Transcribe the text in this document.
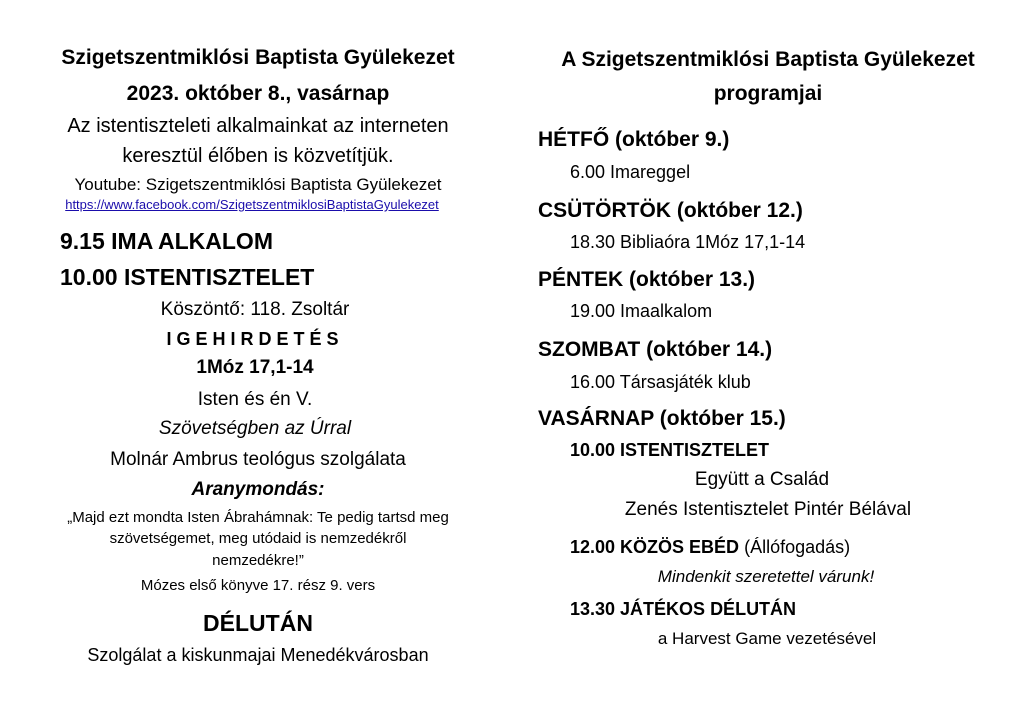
Szigetszentmiklósi Baptista Gyülekezet
2023. október 8., vasárnap
Az istentiszteleti alkalmainkat az interneten
keresztül élőben is közvetítjük.
Youtube: Szigetszentmiklósi Baptista Gyülekezet
https://www.facebook.com/SzigetszentmiklosiBaptistaGyulekezet
9.15 IMA ALKALOM
10.00 ISTENTISZTELET
Köszöntő: 118. Zsoltár
IGEHIRDETÉS
1Móz 17,1-14
Isten és én V.
Szövetségben az Úrral
Molnár Ambrus teológus szolgálata
Aranymondás:
„Majd ezt mondta Isten Ábrahámnak: Te pedig tartsd meg
szövetségemet, meg utódaid is nemzedékről
nemzedékre!”
Mózes első könyve 17. rész 9. vers
DÉLUTÁN
Szolgálat a kiskunmajai Menedékvárosban
A Szigetszentmiklósi Baptista Gyülekezet
programjai
HÉTFŐ (október 9.)
6.00 Imareggel
CSÜTÖRTÖK (október 12.)
18.30 Bibliaóra 1Móz 17,1-14
PÉNTEK (október 13.)
19.00 Imaalkalom
SZOMBAT (október 14.)
16.00 Társasjáték klub
VASÁRNAP (október 15.)
10.00 ISTENTISZTELET
Együtt a Család
Zenés Istentisztelet Pintér Bélával
12.00 KÖZÖS EBÉD (Állófogadás)
Mindenkit szeretettel várunk!
13.30 JÁTÉKOS DÉLUTÁN
a Harvest Game vezetésével
